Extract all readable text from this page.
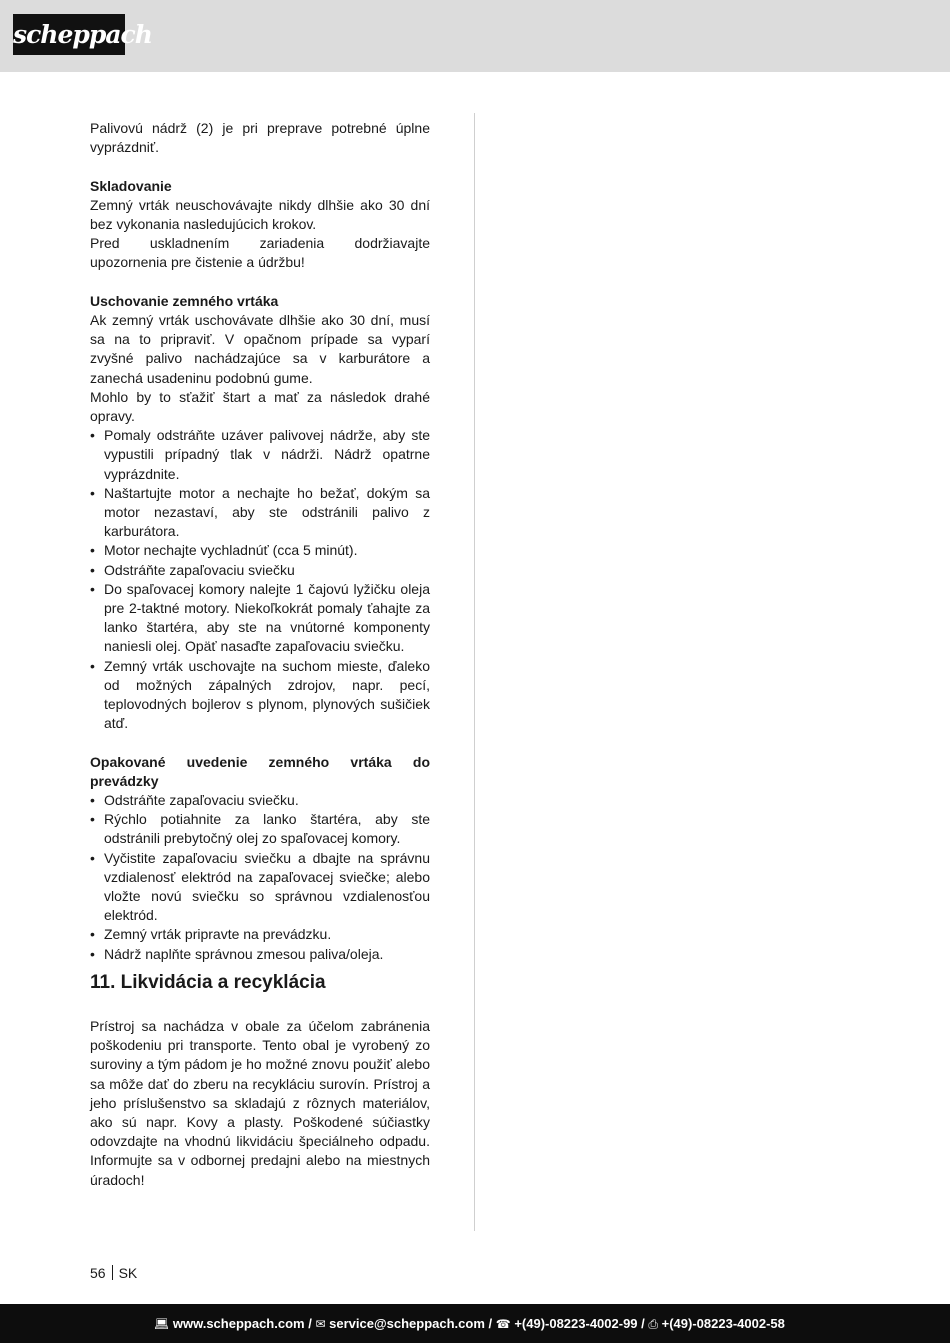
scheppach

Palivovú nádrž (2) je pri preprave potrebné úplne vyprázdniť.

Skladovanie

Zemný vrták neuschovávajte nikdy dlhšie ako 30 dní bez vykonania nasledujúcich krokov.

Pred uskladnením zariadenia dodržiavajte upozornenia pre čistenie a údržbu!

Uschovanie zemného vrtáka

Ak zemný vrták uschovávate dlhšie ako 30 dní, musí sa na to pripraviť. V opačnom prípade sa vyparí zvyšné palivo nachádzajúce sa v karburátore a zanechá usadeninu podobnú gume.

Mohlo by to sťažiť štart a mať za následok drahé opravy.

• Pomaly odstráňte uzáver palivovej nádrže, aby ste vypustili prípadný tlak v nádrži. Nádrž opatrne vyprázdnite.
• Naštartujte motor a nechajte ho bežať, dokým sa motor nezastaví, aby ste odstránili palivo z karburátora.
• Motor nechajte vychladnúť (cca 5 minút).
• Odstráňte zapaľovaciu sviečku
• Do spaľovacej komory nalejte 1 čajovú lyžičku oleja pre 2-taktné motory. Niekoľkokrát pomaly ťahajte za lanko štartéra, aby ste na vnútorné komponenty naniesli olej. Opäť nasaďte zapaľovaciu sviečku.
• Zemný vrták uschovajte na suchom mieste, ďaleko od možných zápalných zdrojov, napr. pecí, teplovodných bojlerov s plynom, plynových sušičiek atď.
Opakované uvedenie zemného vrtáka do prevádzky
• Odstráňte zapaľovaciu sviečku.
• Rýchlo potiahnite za lanko štartéra, aby ste odstránili prebytočný olej zo spaľovacej komory.
• Vyčistite zapaľovaciu sviečku a dbajte na správnu vzdialenosť elektród na zapaľovacej sviečke; alebo vložte novú sviečku so správnou vzdialenosťou elektród.
• Zemný vrták pripravte na prevádzku.
• Nádrž naplňte správnou zmesou paliva/oleja.
11. Likvidácia a recyklácia

Prístroj sa nachádza v obale za účelom zabránenia poškodeniu pri transporte. Tento obal je vyrobený zo suroviny a tým pádom je ho možné znovu použiť alebo sa môže dať do zberu na recykláciu surovín. Prístroj a jeho príslušenstvo sa skladajú z rôznych materiálov, ako sú napr. Kovy a plasty. Poškodené súčiastky odovzdajte na vhodnú likvidáciu špeciálneho odpadu. Informujte sa v odbornej predajni alebo na miestnych úradoch!

56 SK
💻︎ www.scheppach.com / ✉ service@scheppach.com / ☎ +(49)-08223-4002-99 / ⎙ +(49)-08223-4002-58
